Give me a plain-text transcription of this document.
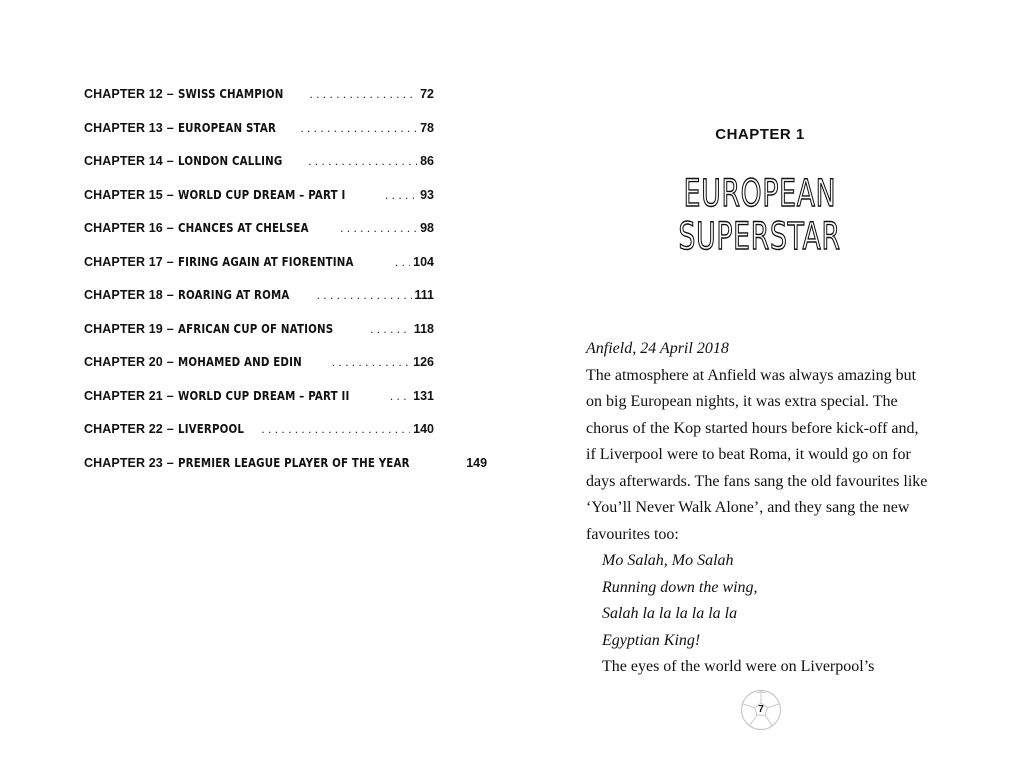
CHAPTER 12 – SWISS CHAMPION . . .	72
CHAPTER 13 – EUROPEAN STAR . . .	78
CHAPTER 14 – LONDON CALLING . . .	86
CHAPTER 15 – WORLD CUP DREAM – PART I . . .	93
CHAPTER 16 – CHANCES AT CHELSEA . . .	98
CHAPTER 17 – FIRING AGAIN AT FIORENTINA . . .	104
CHAPTER 18 – ROARING AT ROMA . . .	111
CHAPTER 19 – AFRICAN CUP OF NATIONS . . .	118
CHAPTER 20 – MOHAMED AND EDIN . . .	126
CHAPTER 21 – WORLD CUP DREAM – PART II . . .	131
CHAPTER 22 – LIVERPOOL . . .	140
CHAPTER 23 – PREMIER LEAGUE PLAYER OF THE YEAR	149
CHAPTER 1
EUROPEAN
SUPERSTAR

Anfield, 24 April 2018

The atmosphere at Anfield was always amazing but

on big European nights, it was extra special. The

chorus of the Kop started hours before kick-off and,

if Liverpool were to beat Roma, it would go on for

days afterwards. The fans sang the old favourites like

‘You’ll Never Walk Alone’, and they sang the new

favourites too:

Mo Salah, Mo Salah

Running down the wing,

Salah la la la la la la

Egyptian King!

The eyes of the world were on Liverpool’s

7
